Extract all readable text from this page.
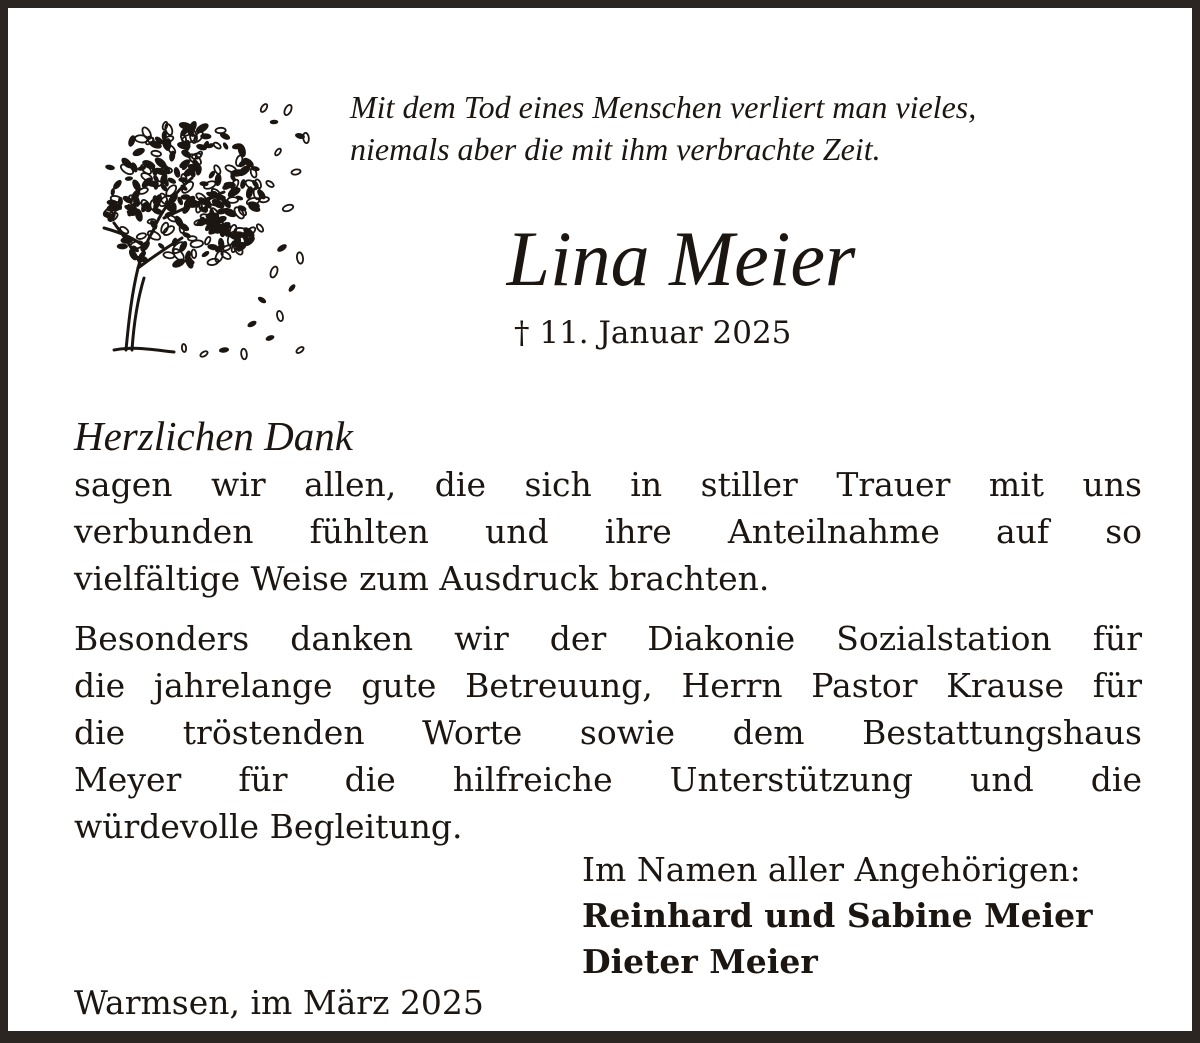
Mit dem Tod eines Menschen verliert man vieles,
niemals aber die mit ihm verbrachte Zeit.
Lina Meier
† 11. Januar 2025
Herzlichen Dank
sagen wir allen, die sich in stiller Trauer mit uns
verbunden fühlten und ihre Anteilnahme auf so
vielfältige Weise zum Ausdruck brachten.
Besonders danken wir der Diakonie Sozialstation für
die jahrelange gute Betreuung, Herrn Pastor Krause für
die tröstenden Worte sowie dem Bestattungshaus
Meyer für die hilfreiche Unterstützung und die
würdevolle Begleitung.
Im Namen aller Angehörigen:
Reinhard und Sabine Meier
Dieter Meier
Warmsen, im März 2025
